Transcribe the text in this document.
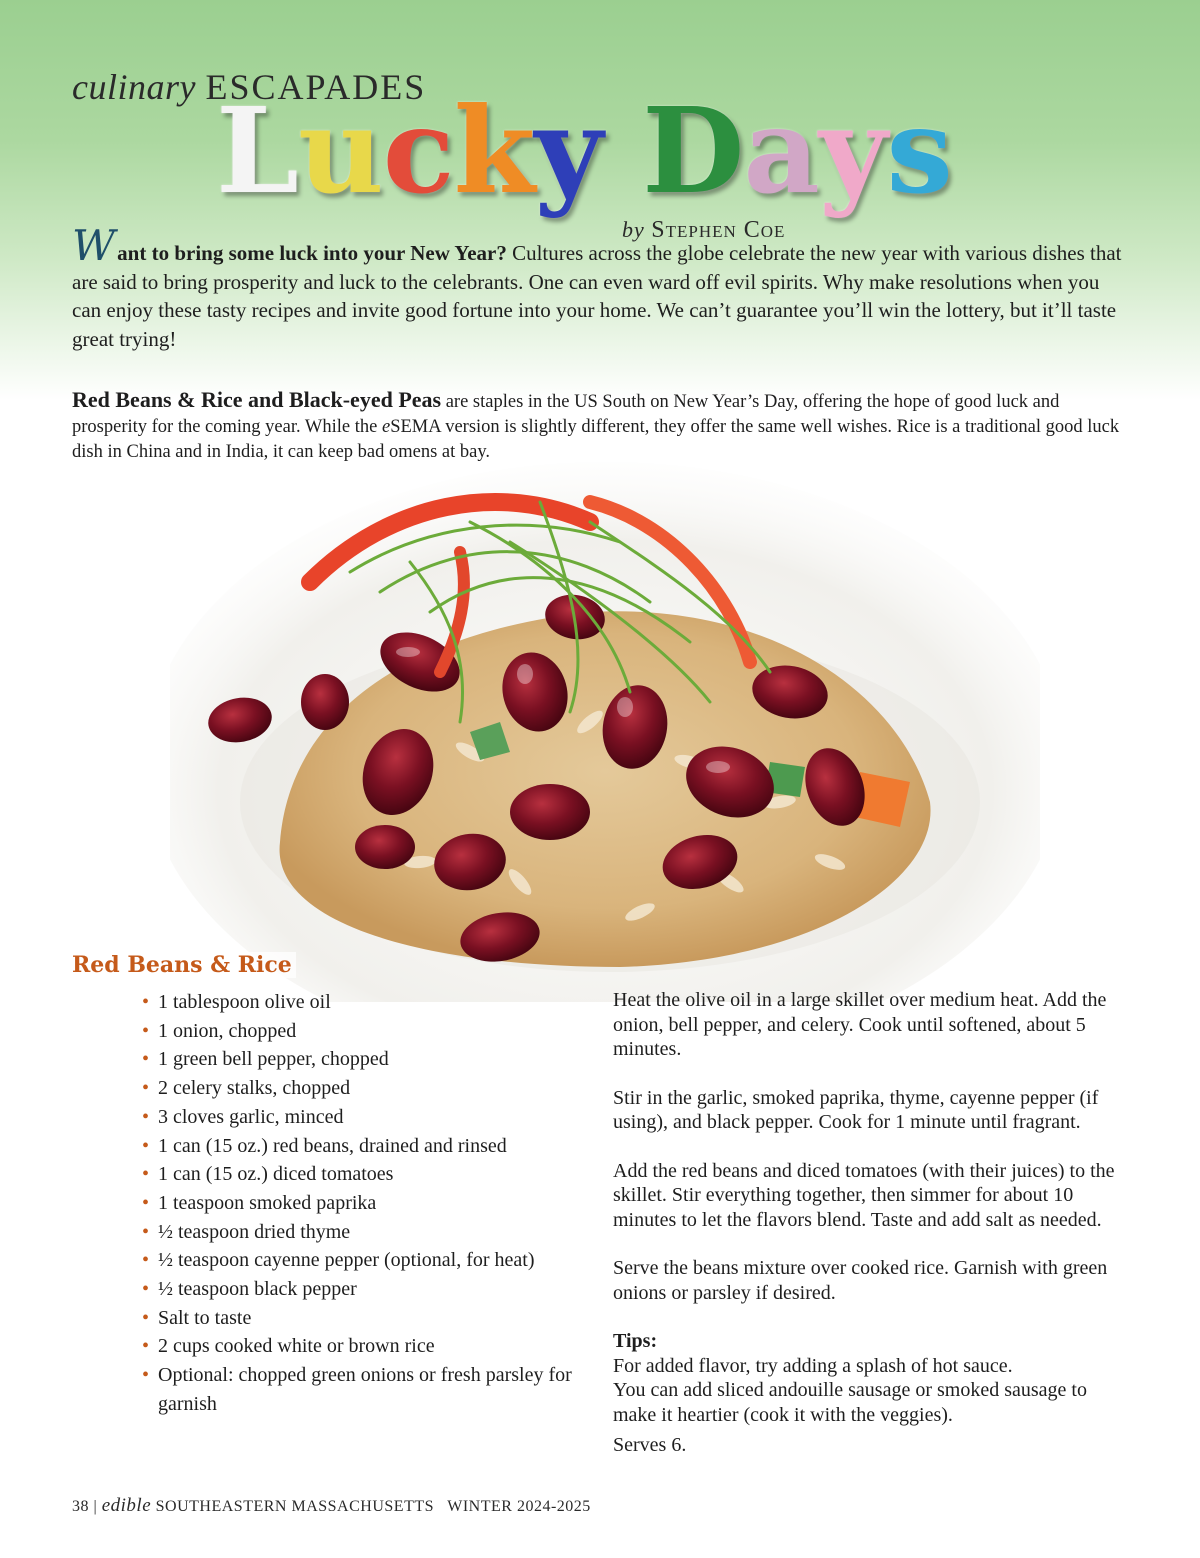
culinary ESCAPADES
Lucky Days
by Stephen Coe

Want to bring some luck into your New Year? Cultures across the globe celebrate the new year with various dishes that are said to bring prosperity and luck to the celebrants. One can even ward off evil spirits. Why make resolutions when you can enjoy these tasty recipes and invite good fortune into your home. We can’t guarantee you’ll win the lottery, but it’ll taste great trying!

Red Beans & Rice and Black-eyed Peas are staples in the US South on New Year’s Day, offering the hope of good luck and prosperity for the coming year. While the eSEMA version is slightly different, they offer the same well wishes. Rice is a traditional good luck dish in China and in India, it can keep bad omens at bay.

Red Beans & Rice
• 1 tablespoon olive oil
• 1 onion, chopped
• 1 green bell pepper, chopped
• 2 celery stalks, chopped
• 3 cloves garlic, minced
• 1 can (15 oz.) red beans, drained and rinsed
• 1 can (15 oz.) diced tomatoes
• 1 teaspoon smoked paprika
• ½ teaspoon dried thyme
• ½ teaspoon cayenne pepper (optional, for heat)
• ½ teaspoon black pepper
• Salt to taste
• 2 cups cooked white or brown rice
• Optional: chopped green onions or fresh parsley for garnish

Heat the olive oil in a large skillet over medium heat. Add the onion, bell pepper, and celery. Cook until softened, about 5 minutes.

Stir in the garlic, smoked paprika, thyme, cayenne pepper (if using), and black pepper. Cook for 1 minute until fragrant.

Add the red beans and diced tomatoes (with their juices) to the skillet. Stir everything together, then simmer for about 10 minutes to let the flavors blend. Taste and add salt as needed.

Serve the beans mixture over cooked rice. Garnish with green onions or parsley if desired.

Tips:
For added flavor, try adding a splash of hot sauce.
You can add sliced andouille sausage or smoked sausage to make it heartier (cook it with the veggies).

Serves 6.

38 | edible SOUTHEASTERN MASSACHUSETTS WINTER 2024-2025
